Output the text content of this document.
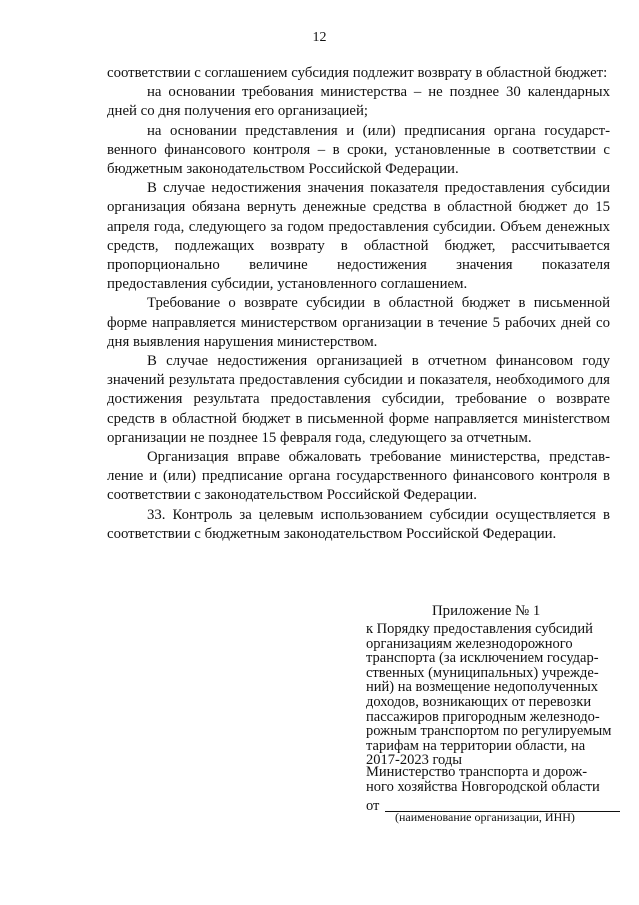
12

соответствии с соглашением субсидия подлежит возврату в областной бюджет:

на основании требования министерства – не позднее 30 календарных дней со дня получения его организацией;

на основании представления и (или) предписания органа государственного финансового контроля – в сроки, установленные в соответствии с бюджетным законодательством Российской Федерации.

В случае недостижения значения показателя предоставления субсидии организация обязана вернуть денежные средства в областной бюджет до 15 апреля года, следующего за годом предоставления субсидии. Объем денежных средств, подлежащих возврату в областной бюджет, рассчитывается пропорционально величине недостижения значения показателя предоставления субсидии, установленного соглашением.

Требование о возврате субсидии в областной бюджет в письменной форме направляется министерством организации в течение 5 рабочих дней со дня выявления нарушения министерством.

В случае недостижения организацией в отчетном финансовом году значений результата предоставления субсидии и показателя, необходимого для достижения результата предоставления субсидии, требование о возврате средств в областной бюджет в письменной форме направляется минisterством организации не позднее 15 февраля года, следующего за отчетным.

Организация вправе обжаловать требование министерства, представление и (или) предписание органа государственного финансового контроля в соответствии с законодательством Российской Федерации.

33. Контроль за целевым использованием субсидии осуществляется в соответствии с бюджетным законодательством Российской Федерации.

Приложение № 1
к Порядку предоставления субсидий
организациям железнодорожного
транспорта (за исключением государ-
ственных (муниципальных) учрежде-
ний) на возмещение недополученных
доходов, возникающих от перевозки
пассажиров пригородным железнодо-
рожным транспортом по регулируемым
тарифам на территории области, на
2017-2023 годы
Министерство транспорта и дорож-
ного хозяйства Новгородской области
от
(наименование организации, ИНН)
